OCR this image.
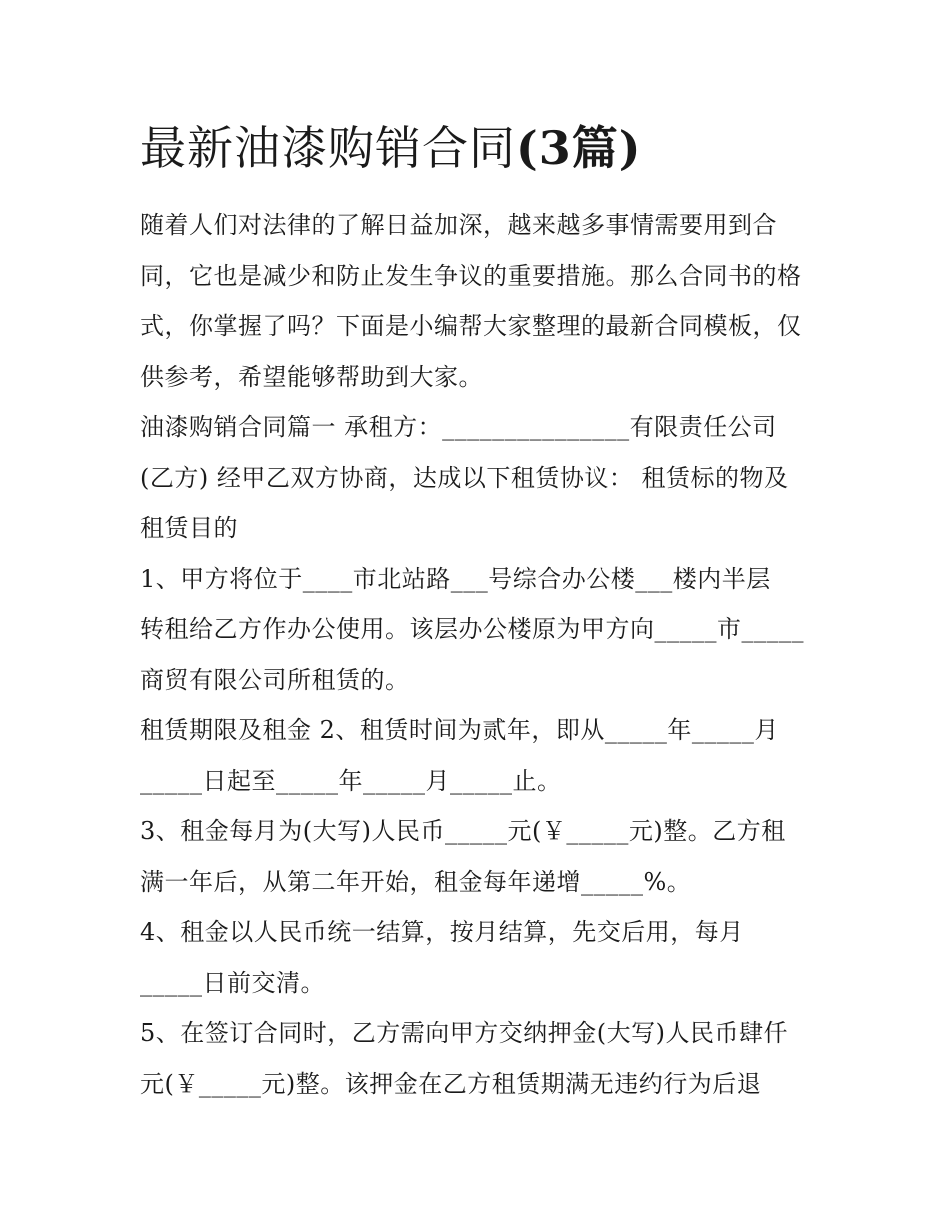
最新油漆购销合同(3篇)

随着人们对法律的了解日益加深，越来越多事情需要用到合

同，它也是减少和防止发生争议的重要措施。那么合同书的格

式，你掌握了吗？下面是小编帮大家整理的最新合同模板，仅

供参考，希望能够帮助到大家。

油漆购销合同篇一 承租方：_______________有限责任公司

(乙方) 经甲乙双方协商，达成以下租赁协议： 租赁标的物及

租赁目的

1、甲方将位于____市北站路___号综合办公楼___楼内半层

转租给乙方作办公使用。该层办公楼原为甲方向_____市_____

商贸有限公司所租赁的。

租赁期限及租金 2、租赁时间为贰年，即从_____年_____月

_____日起至_____年_____月_____止。

3、租金每月为(大写)人民币_____元(￥_____元)整。乙方租

满一年后，从第二年开始，租金每年递增_____%。

4、租金以人民币统一结算，按月结算，先交后用，每月

_____日前交清。

5、在签订合同时，乙方需向甲方交纳押金(大写)人民币肆仟

元(￥_____元)整。该押金在乙方租赁期满无违约行为后退
